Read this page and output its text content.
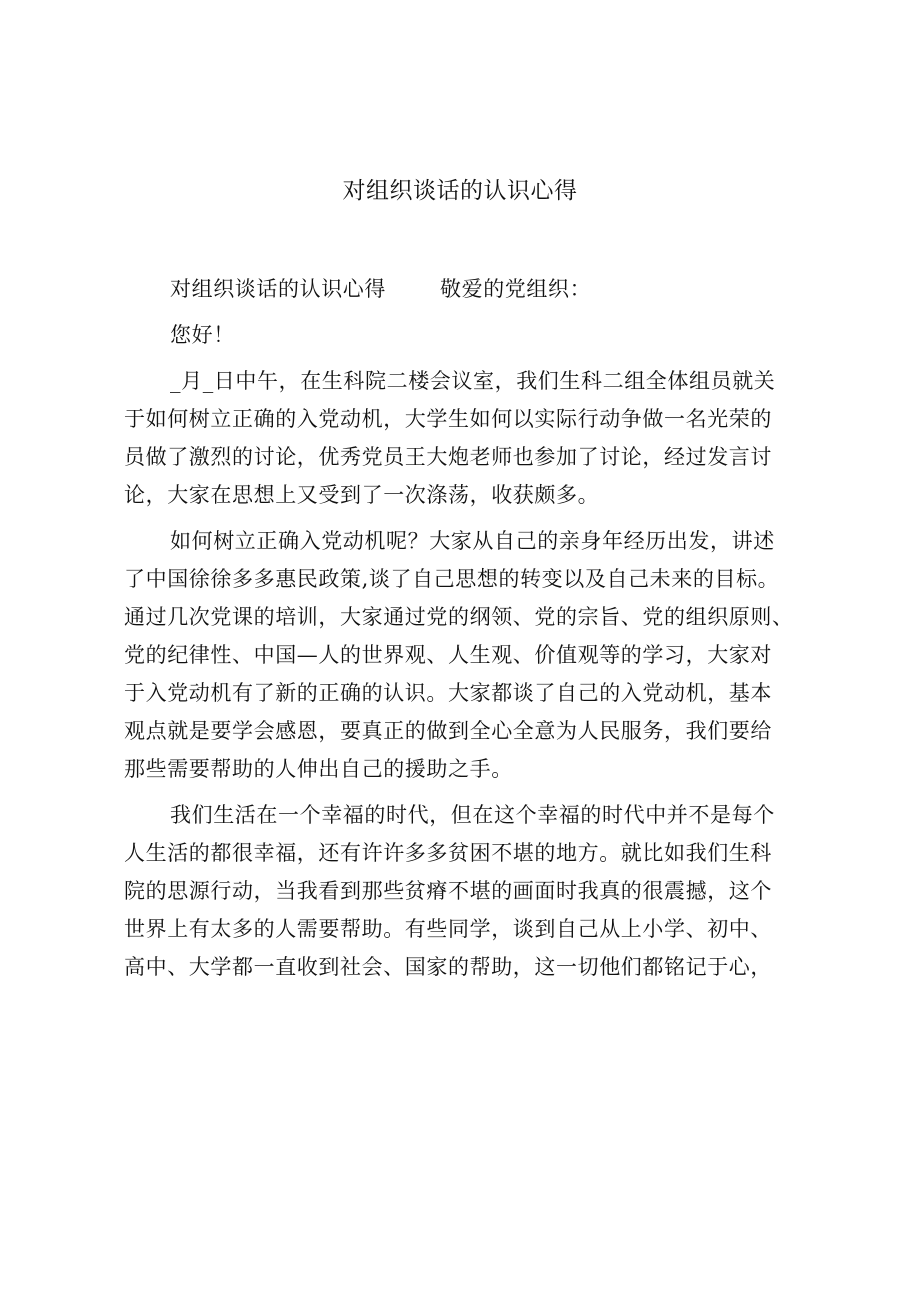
对组织谈话的认识心得
对组织谈话的认识心得	敬爱的党组织：
您好！
_月_日中午，在生科院二楼会议室，我们生科二组全体组员就关
于如何树立正确的入党动机，大学生如何以实际行动争做一名光荣的
员做了激烈的讨论，优秀党员王大炮老师也参加了讨论，经过发言讨
论，大家在思想上又受到了一次涤荡，收获颇多。
如何树立正确入党动机呢？大家从自己的亲身年经历出发，讲述
了中国徐徐多多惠民政策,谈了自己思想的转变以及自己未来的目标。
通过几次党课的培训，大家通过党的纲领、党的宗旨、党的组织原则、
党的纪律性、中国—人的世界观、人生观、价值观等的学习，大家对
于入党动机有了新的正确的认识。大家都谈了自己的入党动机，基本
观点就是要学会感恩，要真正的做到全心全意为人民服务，我们要给
那些需要帮助的人伸出自己的援助之手。
我们生活在一个幸福的时代，但在这个幸福的时代中并不是每个
人生活的都很幸福，还有许许多多贫困不堪的地方。就比如我们生科
院的思源行动，当我看到那些贫瘠不堪的画面时我真的很震撼，这个
世界上有太多的人需要帮助。有些同学，谈到自己从上小学、初中、
高中、大学都一直收到社会、国家的帮助，这一切他们都铭记于心，
